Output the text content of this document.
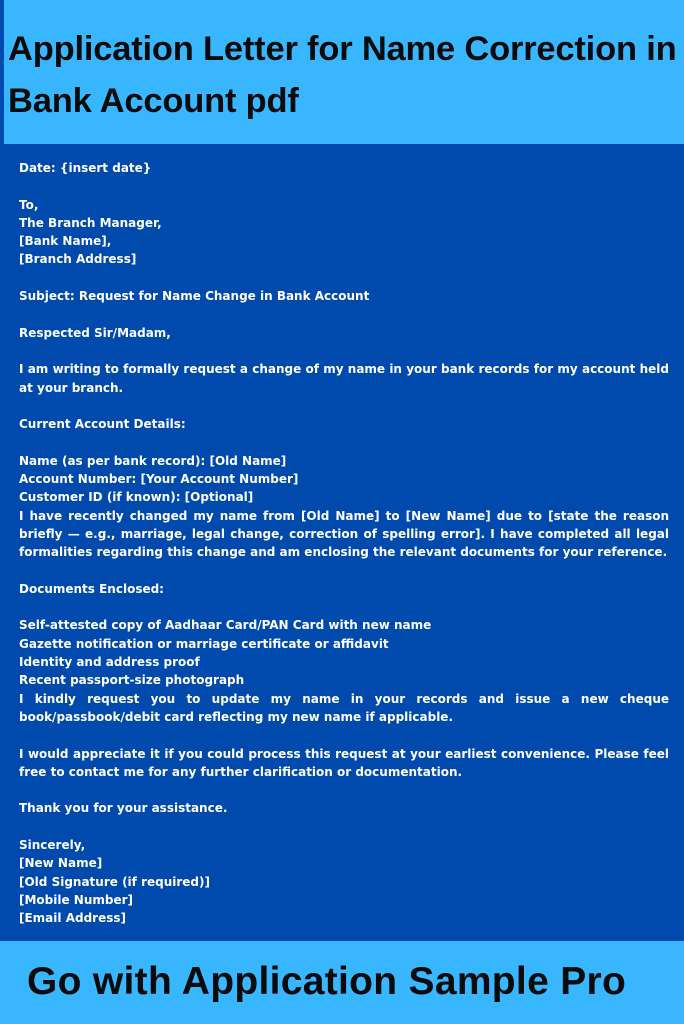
Application Letter for Name Correction in Bank Account pdf

Date: {insert date}

To,

The Branch Manager,

[Bank Name],

[Branch Address]

Subject: Request for Name Change in Bank Account

Respected Sir/Madam,

I am writing to formally request a change of my name in your bank records for my account held at your branch.

Current Account Details:

Name (as per bank record): [Old Name]

Account Number: [Your Account Number]

Customer ID (if known): [Optional]

I have recently changed my name from [Old Name] to [New Name] due to [state the reason briefly — e.g., marriage, legal change, correction of spelling error]. I have completed all legal formalities regarding this change and am enclosing the relevant documents for your reference.

Documents Enclosed:

Self-attested copy of Aadhaar Card/PAN Card with new name

Gazette notification or marriage certificate or affidavit

Identity and address proof

Recent passport-size photograph

I kindly request you to update my name in your records and issue a new cheque book/passbook/debit card reflecting my new name if applicable.

I would appreciate it if you could process this request at your earliest convenience. Please feel free to contact me for any further clarification or documentation.

Thank you for your assistance.

Sincerely,

[New Name]

[Old Signature (if required)]

[Mobile Number]

[Email Address]

Go with Application Sample Pro
